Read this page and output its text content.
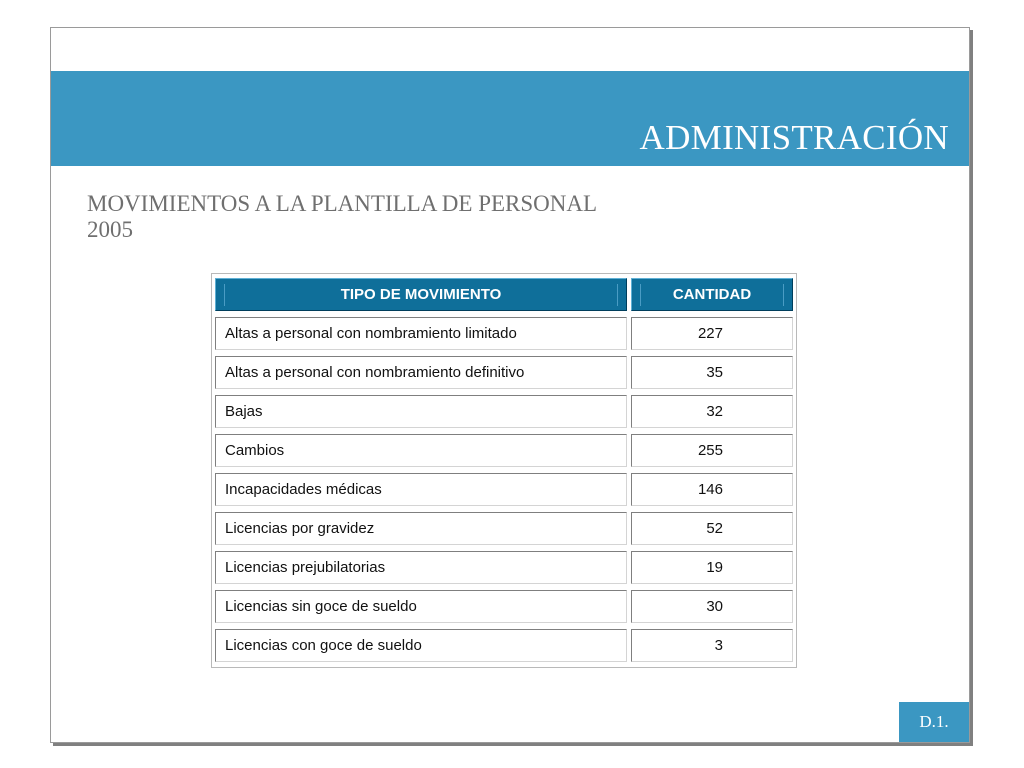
ADMINISTRACIÓN
MOVIMIENTOS A LA PLANTILLA DE PERSONAL
2005
TIPO DE MOVIMIENTO	CANTIDAD
Altas a personal con nombramiento limitado	227
Altas a personal con nombramiento definitivo	35
Bajas	32
Cambios	255
Incapacidades médicas	146
Licencias por gravidez	52
Licencias prejubilatorias	19
Licencias sin goce de sueldo	30
Licencias con goce de sueldo	3
D.1.
